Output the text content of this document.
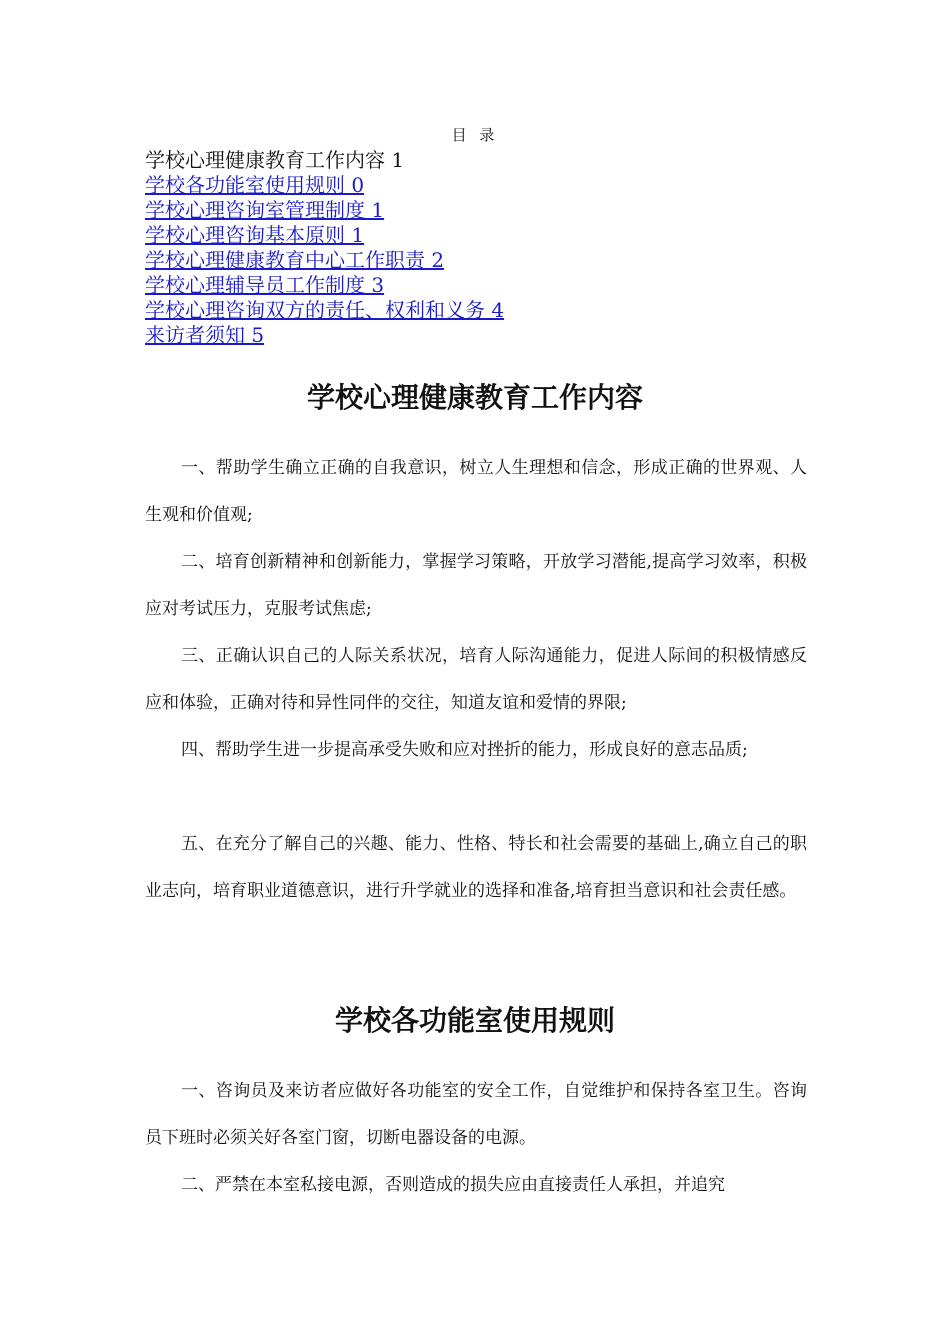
目 录
学校心理健康教育工作内容 1
学校各功能室使用规则 0
学校心理咨询室管理制度 1
学校心理咨询基本原则 1
学校心理健康教育中心工作职责 2
学校心理辅导员工作制度 3
学校心理咨询双方的责任、权利和义务 4
来访者须知 5
学校心理健康教育工作内容

一、帮助学生确立正确的自我意识，树立人生理想和信念，形成正确的世界观、人生观和价值观;

二、培育创新精神和创新能力，掌握学习策略，开放学习潜能,提高学习效率，积极应对考试压力，克服考试焦虑;

三、正确认识自己的人际关系状况，培育人际沟通能力，促进人际间的积极情感反应和体验，正确对待和异性同伴的交往，知道友谊和爱情的界限;

四、帮助学生进一步提高承受失败和应对挫折的能力，形成良好的意志品质;

五、在充分了解自己的兴趣、能力、性格、特长和社会需要的基础上,确立自己的职业志向，培育职业道德意识，进行升学就业的选择和准备,培育担当意识和社会责任感。

学校各功能室使用规则

一、咨询员及来访者应做好各功能室的安全工作，自觉维护和保持各室卫生。咨询员下班时必须关好各室门窗，切断电器设备的电源。

二、严禁在本室私接电源，否则造成的损失应由直接责任人承担，并追究
